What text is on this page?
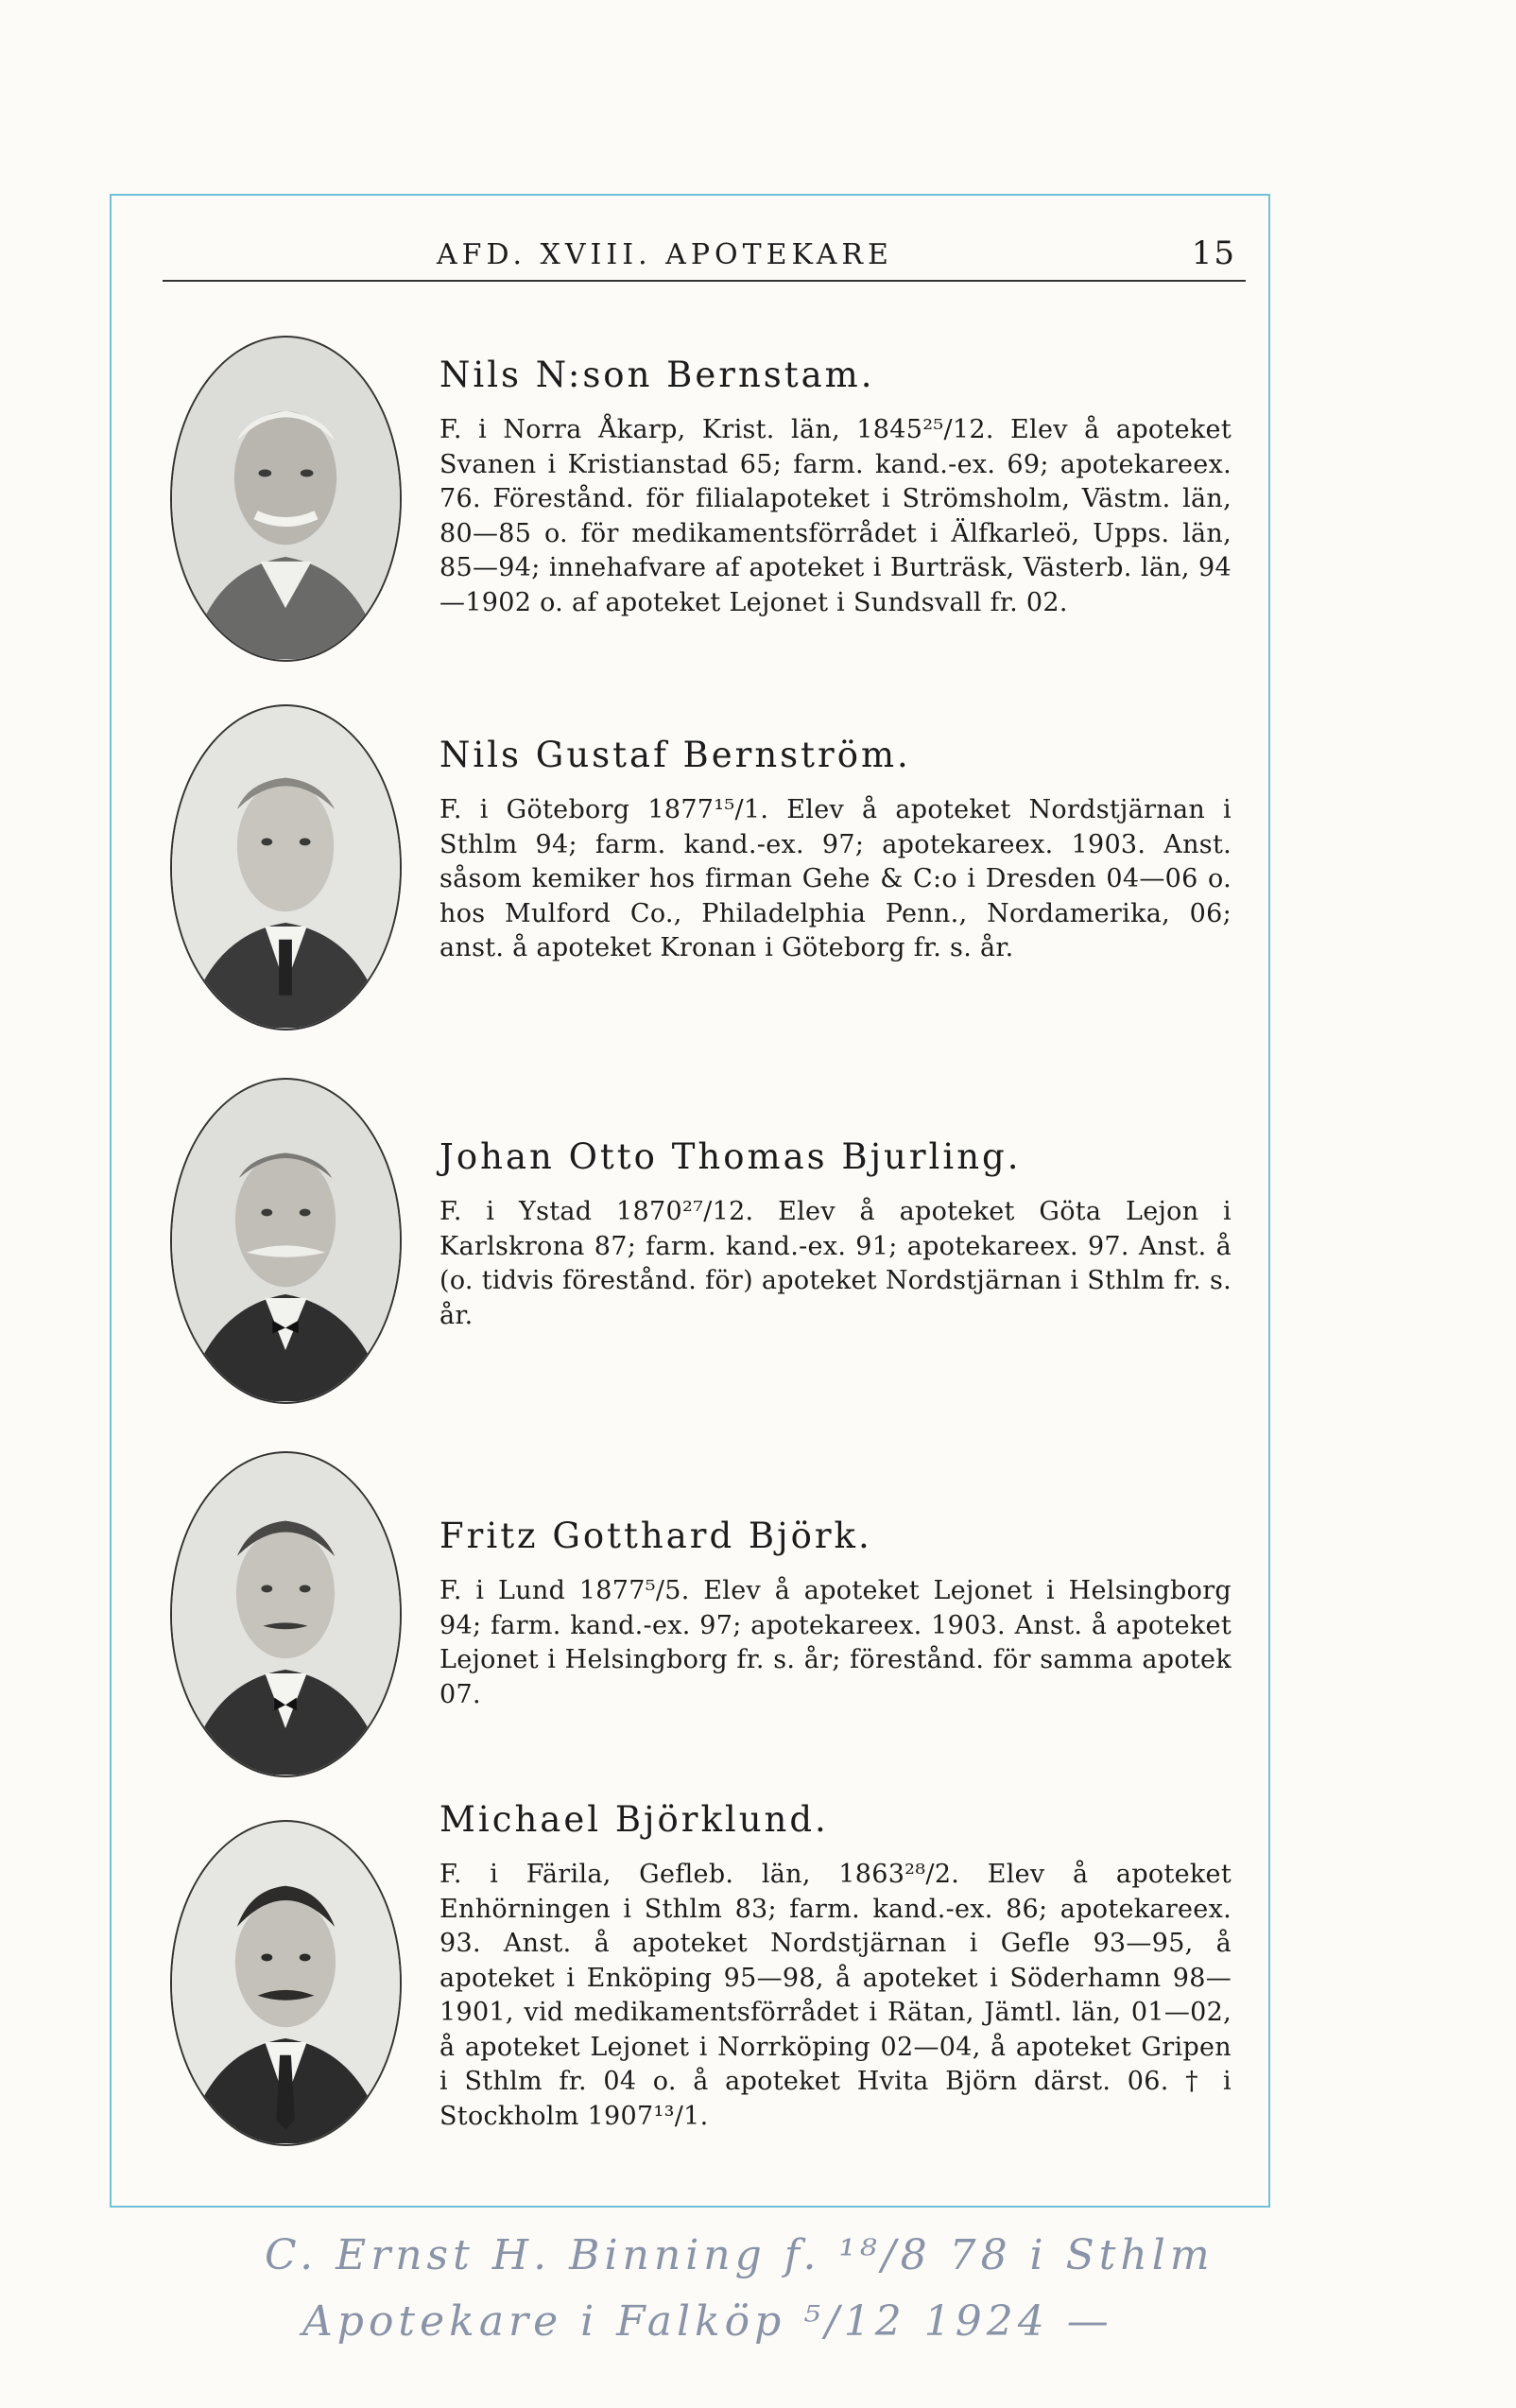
AFD. XVIII. APOTEKARE	15
Nils N:son Bernstam.

F. i Norra Åkarp, Krist. län, 1845²⁵/12. Elev å apoteket Svanen i Kristianstad 65; farm. kand.-ex. 69; apotekareex. 76. Förestånd. för filialapoteket i Strömsholm, Västm. län, 80—85 o. för medikamentsförrådet i Älfkarleö, Upps. län, 85—94; innehafvare af apoteket i Burträsk, Västerb. län, 94—1902 o. af apoteket Lejonet i Sundsvall fr. 02.

Nils Gustaf Bernström.

F. i Göteborg 1877¹⁵/1. Elev å apoteket Nordstjärnan i Sthlm 94; farm. kand.-ex. 97; apotekareex. 1903. Anst. såsom kemiker hos firman Gehe & C:o i Dresden 04—06 o. hos Mulford Co., Philadelphia Penn., Nordamerika, 06; anst. å apoteket Kronan i Göteborg fr. s. år.

Johan Otto Thomas Bjurling.

F. i Ystad 1870²⁷/12. Elev å apoteket Göta Lejon i Karlskrona 87; farm. kand.-ex. 91; apotekareex. 97. Anst. å (o. tidvis förestånd. för) apoteket Nordstjärnan i Sthlm fr. s. år.

Fritz Gotthard Björk.

F. i Lund 1877⁵/5. Elev å apoteket Lejonet i Helsingborg 94; farm. kand.-ex. 97; apotekareex. 1903. Anst. å apoteket Lejonet i Helsingborg fr. s. år; förestånd. för samma apotek 07.

Michael Björklund.

F. i Färila, Gefleb. län, 1863²⁸/2. Elev å apoteket Enhörningen i Sthlm 83; farm. kand.-ex. 86; apotekareex. 93. Anst. å apoteket Nordstjärnan i Gefle 93—95, å apoteket i Enköping 95—98, å apoteket i Söderhamn 98—1901, vid medikamentsförrådet i Rätan, Jämtl. län, 01—02, å apoteket Lejonet i Norrköping 02—04, å apoteket Gripen i Sthlm fr. 04 o. å apoteket Hvita Björn därst. 06. † i Stockholm 1907¹³/1.

C. Ernst H. Binning f. ¹⁸/8 78 i Sthlm
Apotekare i Falköp ⁵/12 1924 —
